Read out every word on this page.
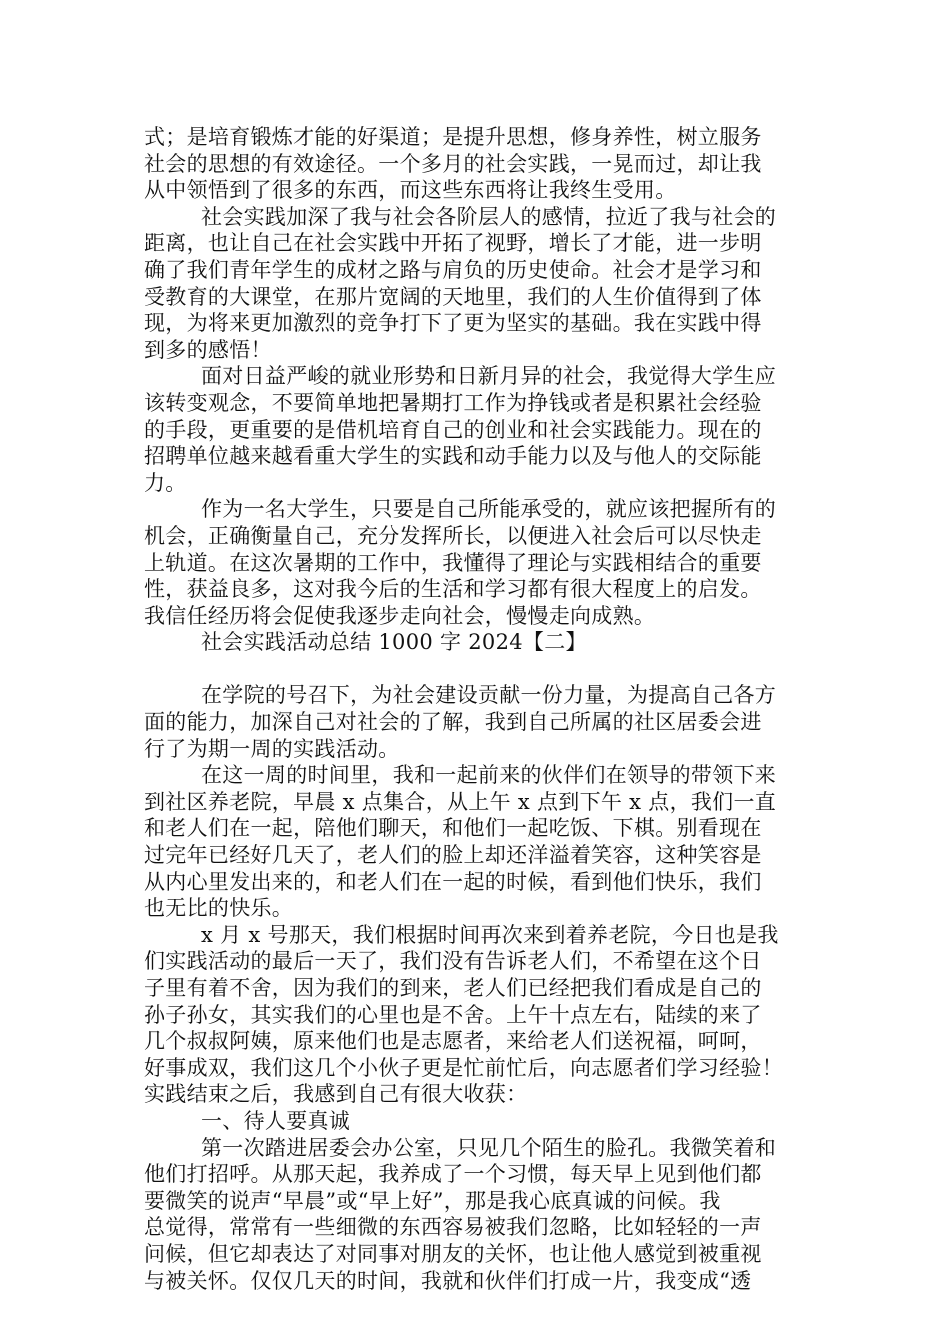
式；是培育锻炼才能的好渠道；是提升思想，修身养性，树立服务
社会的思想的有效途径。一个多月的社会实践，一晃而过，却让我
从中领悟到了很多的东西，而这些东西将让我终生受用。
社会实践加深了我与社会各阶层人的感情，拉近了我与社会的
距离，也让自己在社会实践中开拓了视野，增长了才能，进一步明
确了我们青年学生的成材之路与肩负的历史使命。社会才是学习和
受教育的大课堂，在那片宽阔的天地里，我们的人生价值得到了体
现，为将来更加激烈的竞争打下了更为坚实的基础。我在实践中得
到多的感悟！
面对日益严峻的就业形势和日新月异的社会，我觉得大学生应
该转变观念，不要简单地把暑期打工作为挣钱或者是积累社会经验
的手段，更重要的是借机培育自己的创业和社会实践能力。现在的
招聘单位越来越看重大学生的实践和动手能力以及与他人的交际能
力。
作为一名大学生，只要是自己所能承受的，就应该把握所有的
机会，正确衡量自己，充分发挥所长，以便进入社会后可以尽快走
上轨道。在这次暑期的工作中，我懂得了理论与实践相结合的重要
性，获益良多，这对我今后的生活和学习都有很大程度上的启发。
我信任经历将会促使我逐步走向社会，慢慢走向成熟。
社会实践活动总结 1000 字 2024【二】
在学院的号召下，为社会建设贡献一份力量，为提高自己各方
面的能力，加深自己对社会的了解，我到自己所属的社区居委会进
行了为期一周的实践活动。
在这一周的时间里，我和一起前来的伙伴们在领导的带领下来
到社区养老院，早晨 x 点集合，从上午 x 点到下午 x 点，我们一直
和老人们在一起，陪他们聊天，和他们一起吃饭、下棋。别看现在
过完年已经好几天了，老人们的脸上却还洋溢着笑容，这种笑容是
从内心里发出来的，和老人们在一起的时候，看到他们快乐，我们
也无比的快乐。
x 月 x 号那天，我们根据时间再次来到着养老院，今日也是我
们实践活动的最后一天了，我们没有告诉老人们，不希望在这个日
子里有着不舍，因为我们的到来，老人们已经把我们看成是自己的
孙子孙女，其实我们的心里也是不舍。上午十点左右，陆续的来了
几个叔叔阿姨，原来他们也是志愿者，来给老人们送祝福，呵呵，
好事成双，我们这几个小伙子更是忙前忙后，向志愿者们学习经验！
实践结束之后，我感到自己有很大收获：
一、待人要真诚
第一次踏进居委会办公室，只见几个陌生的脸孔。我微笑着和
他们打招呼。从那天起，我养成了一个习惯，每天早上见到他们都
要微笑的说声“早晨”或“早上好”，那是我心底真诚的问候。我
总觉得，常常有一些细微的东西容易被我们忽略，比如轻轻的一声
问候，但它却表达了对同事对朋友的关怀，也让他人感觉到被重视
与被关怀。仅仅几天的时间，我就和伙伴们打成一片，我变成“透
